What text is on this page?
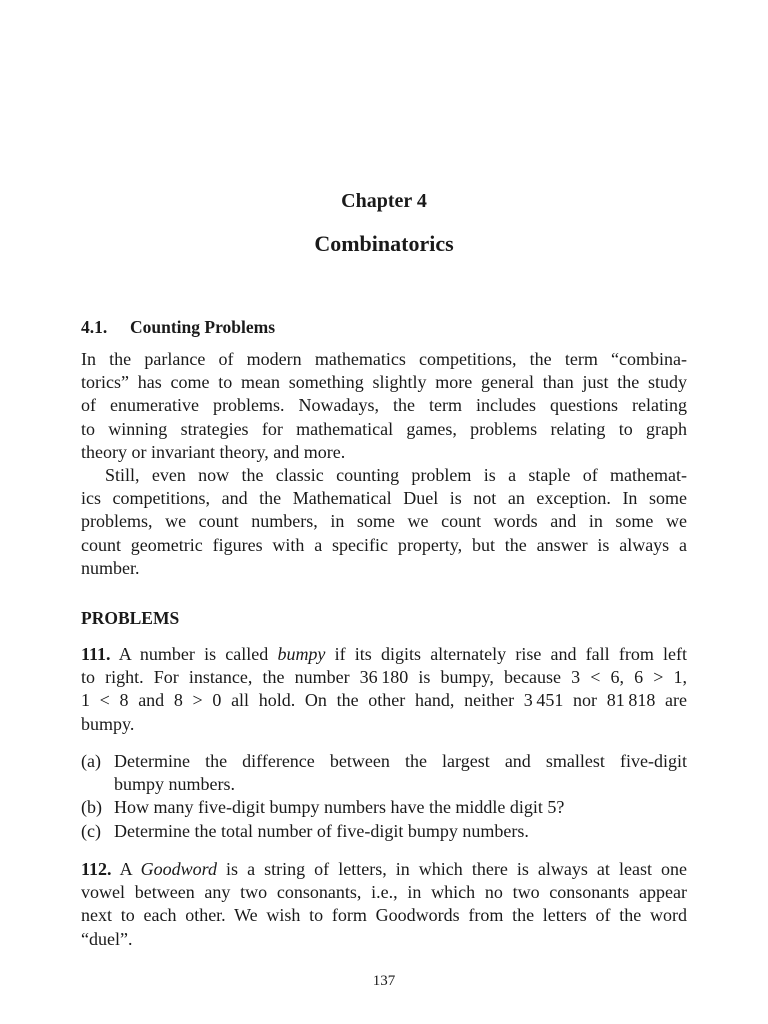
Chapter 4
Combinatorics
4.1. Counting Problems
In the parlance of modern mathematics competitions, the term “combina-
torics” has come to mean something slightly more general than just the study
of enumerative problems. Nowadays, the term includes questions relating
to winning strategies for mathematical games, problems relating to graph
theory or invariant theory, and more.
Still, even now the classic counting problem is a staple of mathemat-
ics competitions, and the Mathematical Duel is not an exception. In some
problems, we count numbers, in some we count words and in some we
count geometric figures with a specific property, but the answer is always a
number.
PROBLEMS
111. A number is called bumpy if its digits alternately rise and fall from left
to right. For instance, the number 36 180 is bumpy, because 3 < 6, 6 > 1,
1 < 8 and 8 > 0 all hold. On the other hand, neither 3 451 nor 81 818 are
bumpy.
(a) Determine the difference between the largest and smallest five-digit
bumpy numbers.
(b) How many five-digit bumpy numbers have the middle digit 5?
(c) Determine the total number of five-digit bumpy numbers.
112. A Goodword is a string of letters, in which there is always at least one
vowel between any two consonants, i.e., in which no two consonants appear
next to each other. We wish to form Goodwords from the letters of the word
“duel”.

137
